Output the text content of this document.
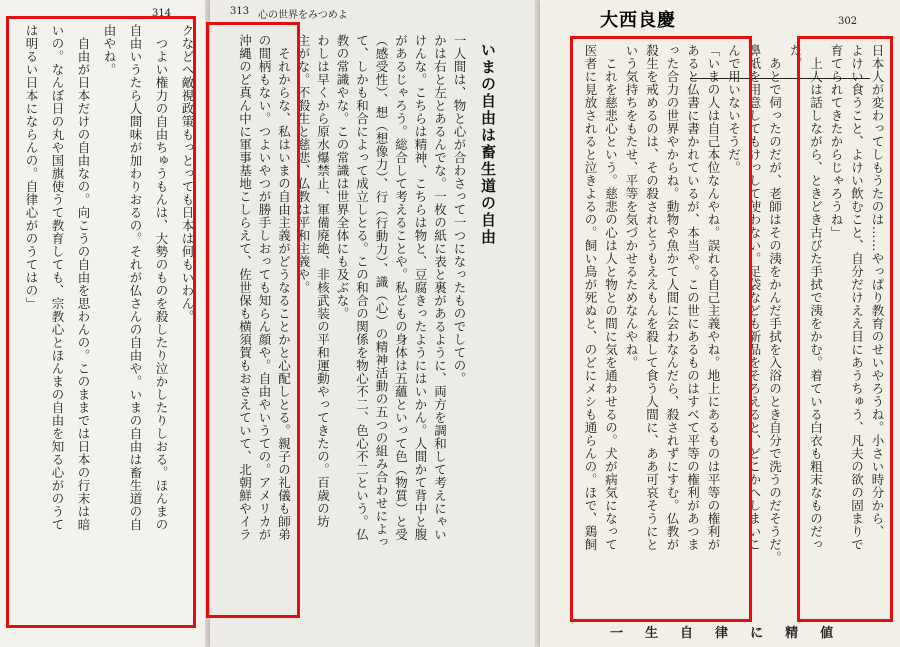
314
クなどへ敵視政策もっとっても日本は何もいわん。
つよい権力の自由ちゅうもんは、大勢のものを殺したり泣かしたりしおる。ほんまの
自由いうたら人間味が加わりおるの。それが仏さんの自由や。いまの自由は畜生道の自
由やね。
自由が日本だけの自由なの。向こうの自由を思わんの。このままでは日本の行末は暗
いの。なんぼ日の丸や国旗使うて教育しても、宗教心とほんまの自由を知る心がのうて
は明るい日本にならんの。自律心がのうてはの」
313 心の世界をみつめよ
いまの自由は畜生道の自由
一人間は、物と心が合わさって一つになったものでしての。
かは右と左とあるんでな。一枚の紙に表と裏があるように、両方を調和して考えにゃい
けんな。こちらは精神、こちらは物と、豆腐きったようにはいかん。人間かて背中と腹
があるじゃろう。総合して考えることや。私どもの身体は五蘊といって色（物質）と受
（感受性）、想（想像力）、行（行動力）、識（心）の精神活動の五つの組み合わせによっ
て、しかも和合によって成立しとる。この和合の関係を物心不二、色心不二という。仏
教の常識やな。この常識は世界全体にも及ぶな。
わしは早くから原水爆禁止、軍備廃絶、非核武装の平和運動やってきたの。百歳の坊
主がな。不殺生と慈悲、仏教は平和主義や。
それからな、私はいまの自由主義がどうなることかと心配しとる。親子の礼儀も師弟
の間柄もない。つよいやつが勝手しおっても知らん顔や。自由やいうての。アメリカが
沖縄のど真ん中に軍事基地こしらえて、佐世保も横須賀もおさえていて、北朝鮮やイラ
大西良慶	302
日本人が変わってしもうたのは……やっぱり教育のせいやろうね。小さい時分から、
よけい食うこと、よけい飲むこと、自分だけええ目にあうちゅう、凡夫の欲の固まりで
育てられてきたからじゃろうね」
上人は話しながら、ときどき古びた手拭で洟をかむ。着ている白衣も粗末なものだっ
た。
あとで伺ったのだが、老師はその洟をかんだ手拭を入浴のとき自分で洗うのだそうだ。
鼻紙を用意してもけっして使わない。足袋なども新品をそろえると、どこかへしまいこ
んで用いないそうだ。
「いまの人は自己本位なんやね。誤れる自己主義やね。地上にあるものは平等の権利が
あると仏書に書かれているが、本当や。この世にあるものはすべて平等の権利があつま
った合力の世界やからね。動物や魚かて人間に会わなんだら、殺されずにすむ。仏教が
殺生を戒めるのは、その殺されとうもええもんを殺して食う人間に、ああ可哀そうにと
いう気持ちをもたせ、平等を気づかせるためなんやね。
これを慈悲心という。慈悲の心は人と物との間に気を通わせるの。犬が病気になって
医者に見放されると泣きよるの。飼い鳥が死ぬと、のどにメシも通らんの。ほで、鶏飼
一 生 自 律 に 精 値
